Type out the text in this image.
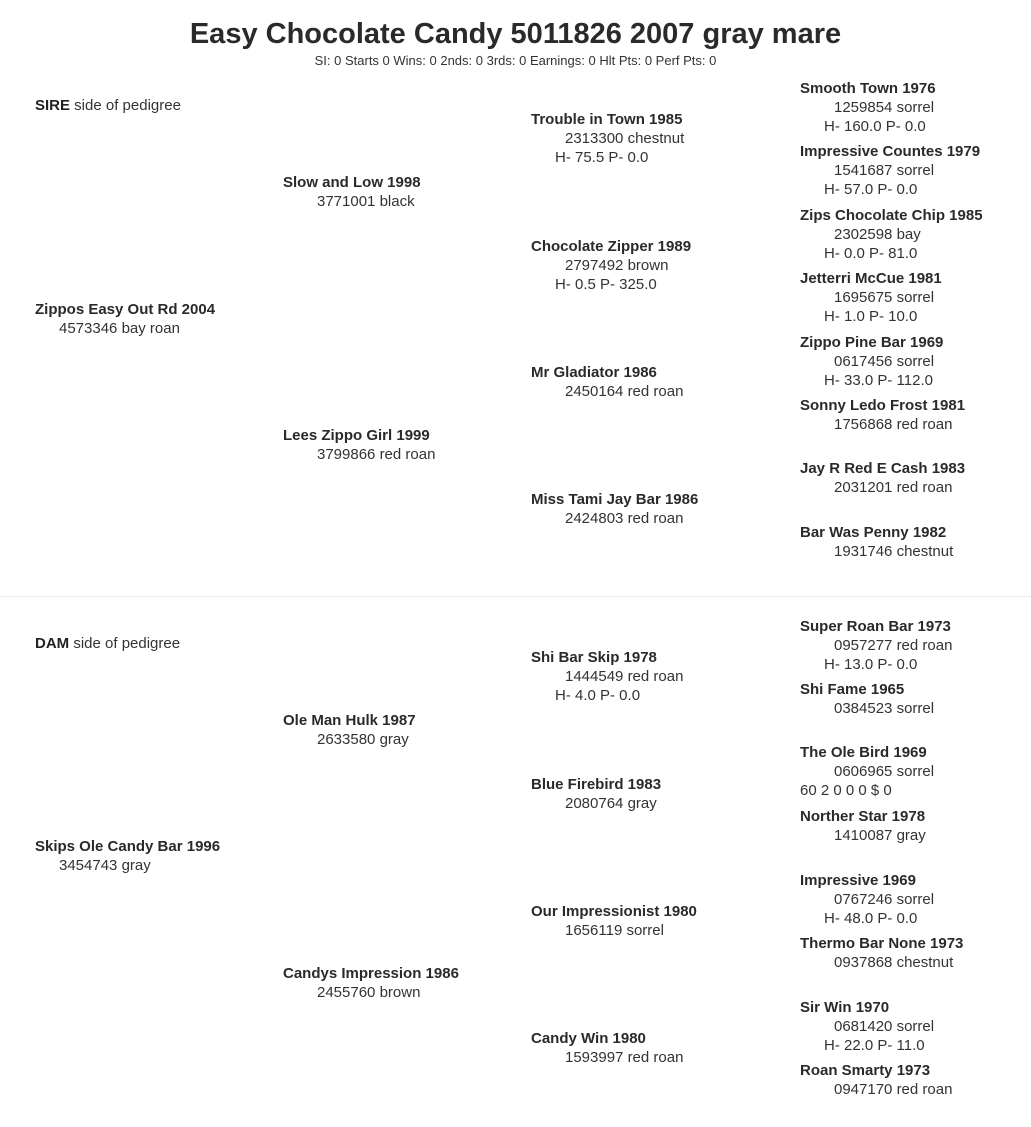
Easy Chocolate Candy 5011826 2007 gray mare
SI: 0 Starts 0 Wins: 0 2nds: 0 3rds: 0 Earnings: 0 Hlt Pts: 0 Perf Pts: 0
SIRE side of pedigree
DAM side of pedigree
Zippos Easy Out Rd 2004
4573346 bay roan
Skips Ole Candy Bar 1996
3454743 gray
Slow and Low 1998
3771001 black
Lees Zippo Girl 1999
3799866 red roan
Ole Man Hulk 1987
2633580 gray
Candys Impression 1986
2455760 brown
Trouble in Town 1985
2313300 chestnut
H- 75.5 P- 0.0
Chocolate Zipper 1989
2797492 brown
H- 0.5 P- 325.0
Mr Gladiator 1986
2450164 red roan
Miss Tami Jay Bar 1986
2424803 red roan
Shi Bar Skip 1978
1444549 red roan
H- 4.0 P- 0.0
Blue Firebird 1983
2080764 gray
Our Impressionist 1980
1656119 sorrel
Candy Win 1980
1593997 red roan
Smooth Town 1976
1259854 sorrel
H- 160.0 P- 0.0
Impressive Countes 1979
1541687 sorrel
H- 57.0 P- 0.0
Zips Chocolate Chip 1985
2302598 bay
H- 0.0 P- 81.0
Jetterri McCue 1981
1695675 sorrel
H- 1.0 P- 10.0
Zippo Pine Bar 1969
0617456 sorrel
H- 33.0 P- 112.0
Sonny Ledo Frost 1981
1756868 red roan
Jay R Red E Cash 1983
2031201 red roan
Bar Was Penny 1982
1931746 chestnut
Super Roan Bar 1973
0957277 red roan
H- 13.0 P- 0.0
Shi Fame 1965
0384523 sorrel
The Ole Bird 1969
0606965 sorrel
60 2 0 0 0 $ 0
Norther Star 1978
1410087 gray
Impressive 1969
0767246 sorrel
H- 48.0 P- 0.0
Thermo Bar None 1973
0937868 chestnut
Sir Win 1970
0681420 sorrel
H- 22.0 P- 11.0
Roan Smarty 1973
0947170 red roan
